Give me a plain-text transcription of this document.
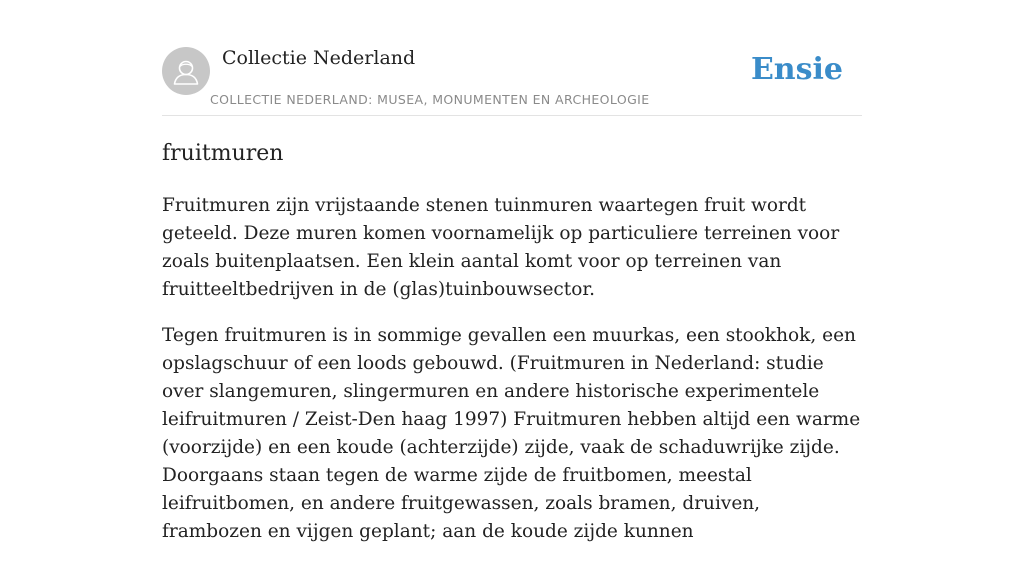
Collectie Nederland
COLLECTIE NEDERLAND: MUSEA, MONUMENTEN EN ARCHEOLOGIE
Ensie
fruitmuren

Fruitmuren zijn vrijstaande stenen tuinmuren waartegen fruit wordt geteeld. Deze muren komen voornamelijk op particuliere terreinen voor zoals buitenplaatsen. Een klein aantal komt voor op terreinen van fruitteeltbedrijven in de (glas)tuinbouwsector.

Tegen fruitmuren is in sommige gevallen een muurkas, een stookhok, een opslagschuur of een loods gebouwd. (Fruitmuren in Nederland: studie over slangemuren, slingermuren en andere historische experimentele leifruitmuren / Zeist-Den haag 1997) Fruitmuren hebben altijd een warme (voorzijde) en een koude (achterzijde) zijde, vaak de schaduwrijke zijde. Doorgaans staan tegen de warme zijde de fruitbomen, meestal leifruitbomen, en andere fruitgewassen, zoals bramen, druiven, frambozen en vijgen geplant; aan de koude zijde kunnen
